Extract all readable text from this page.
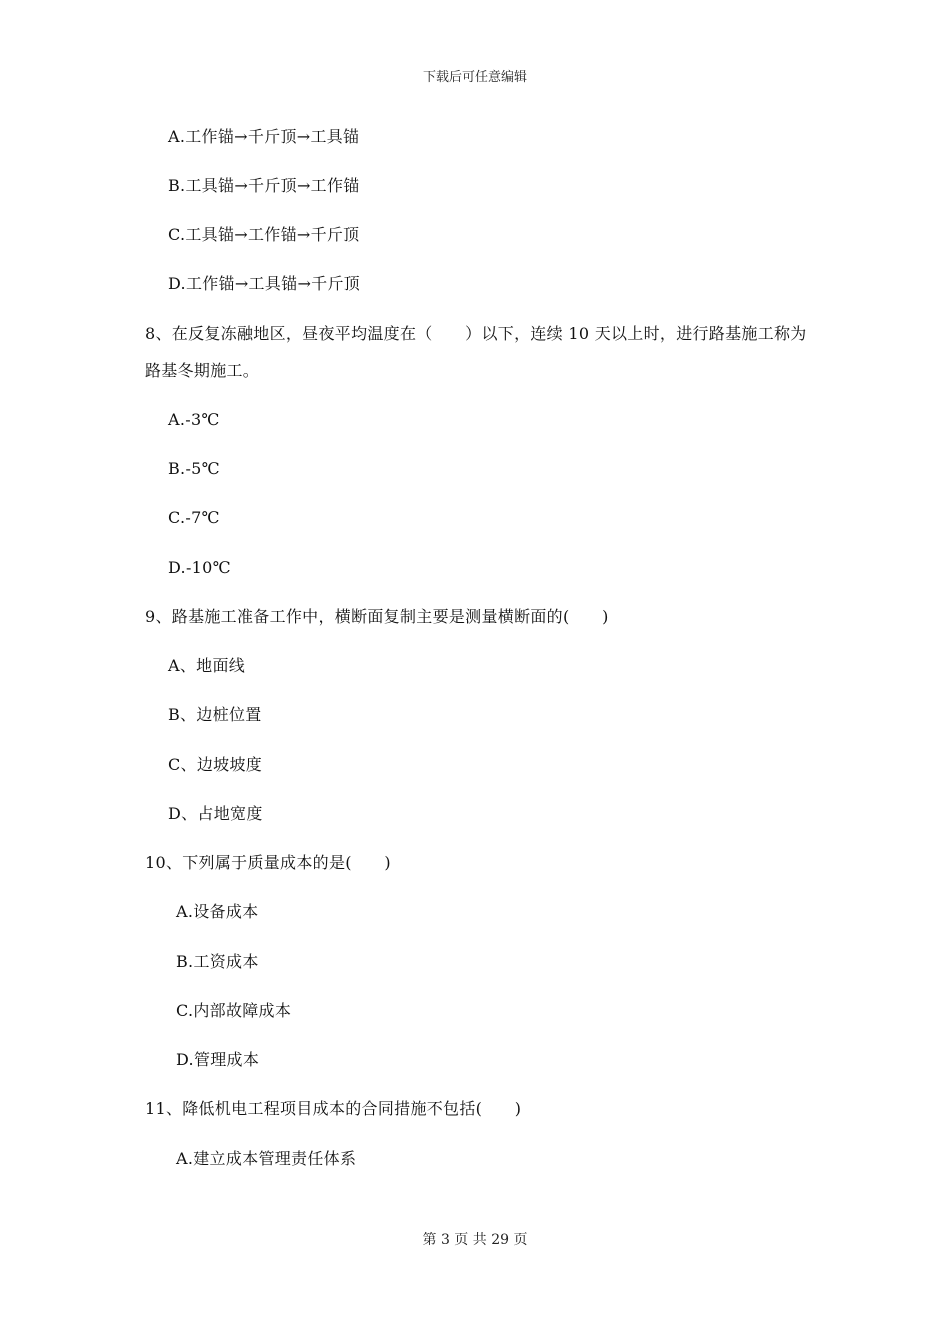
下载后可任意编辑
A.工作锚→千斤顶→工具锚
B.工具锚→千斤顶→工作锚
C.工具锚→工作锚→千斤顶
D.工作锚→工具锚→千斤顶
8、在反复冻融地区，昼夜平均温度在（　　）以下，连续 10 天以上时，进行路基施工称为
路基冬期施工。
A.-3℃
B.-5℃
C.-7℃
D.-10℃
9、路基施工准备工作中，横断面复制主要是测量横断面的(　　)
A、地面线
B、边桩位置
C、边坡坡度
D、占地宽度
10、下列属于质量成本的是(　　)
A.设备成本
B.工资成本
C.内部故障成本
D.管理成本
11、降低机电工程项目成本的合同措施不包括(　　)
A.建立成本管理责任体系
第 3 页 共 29 页
